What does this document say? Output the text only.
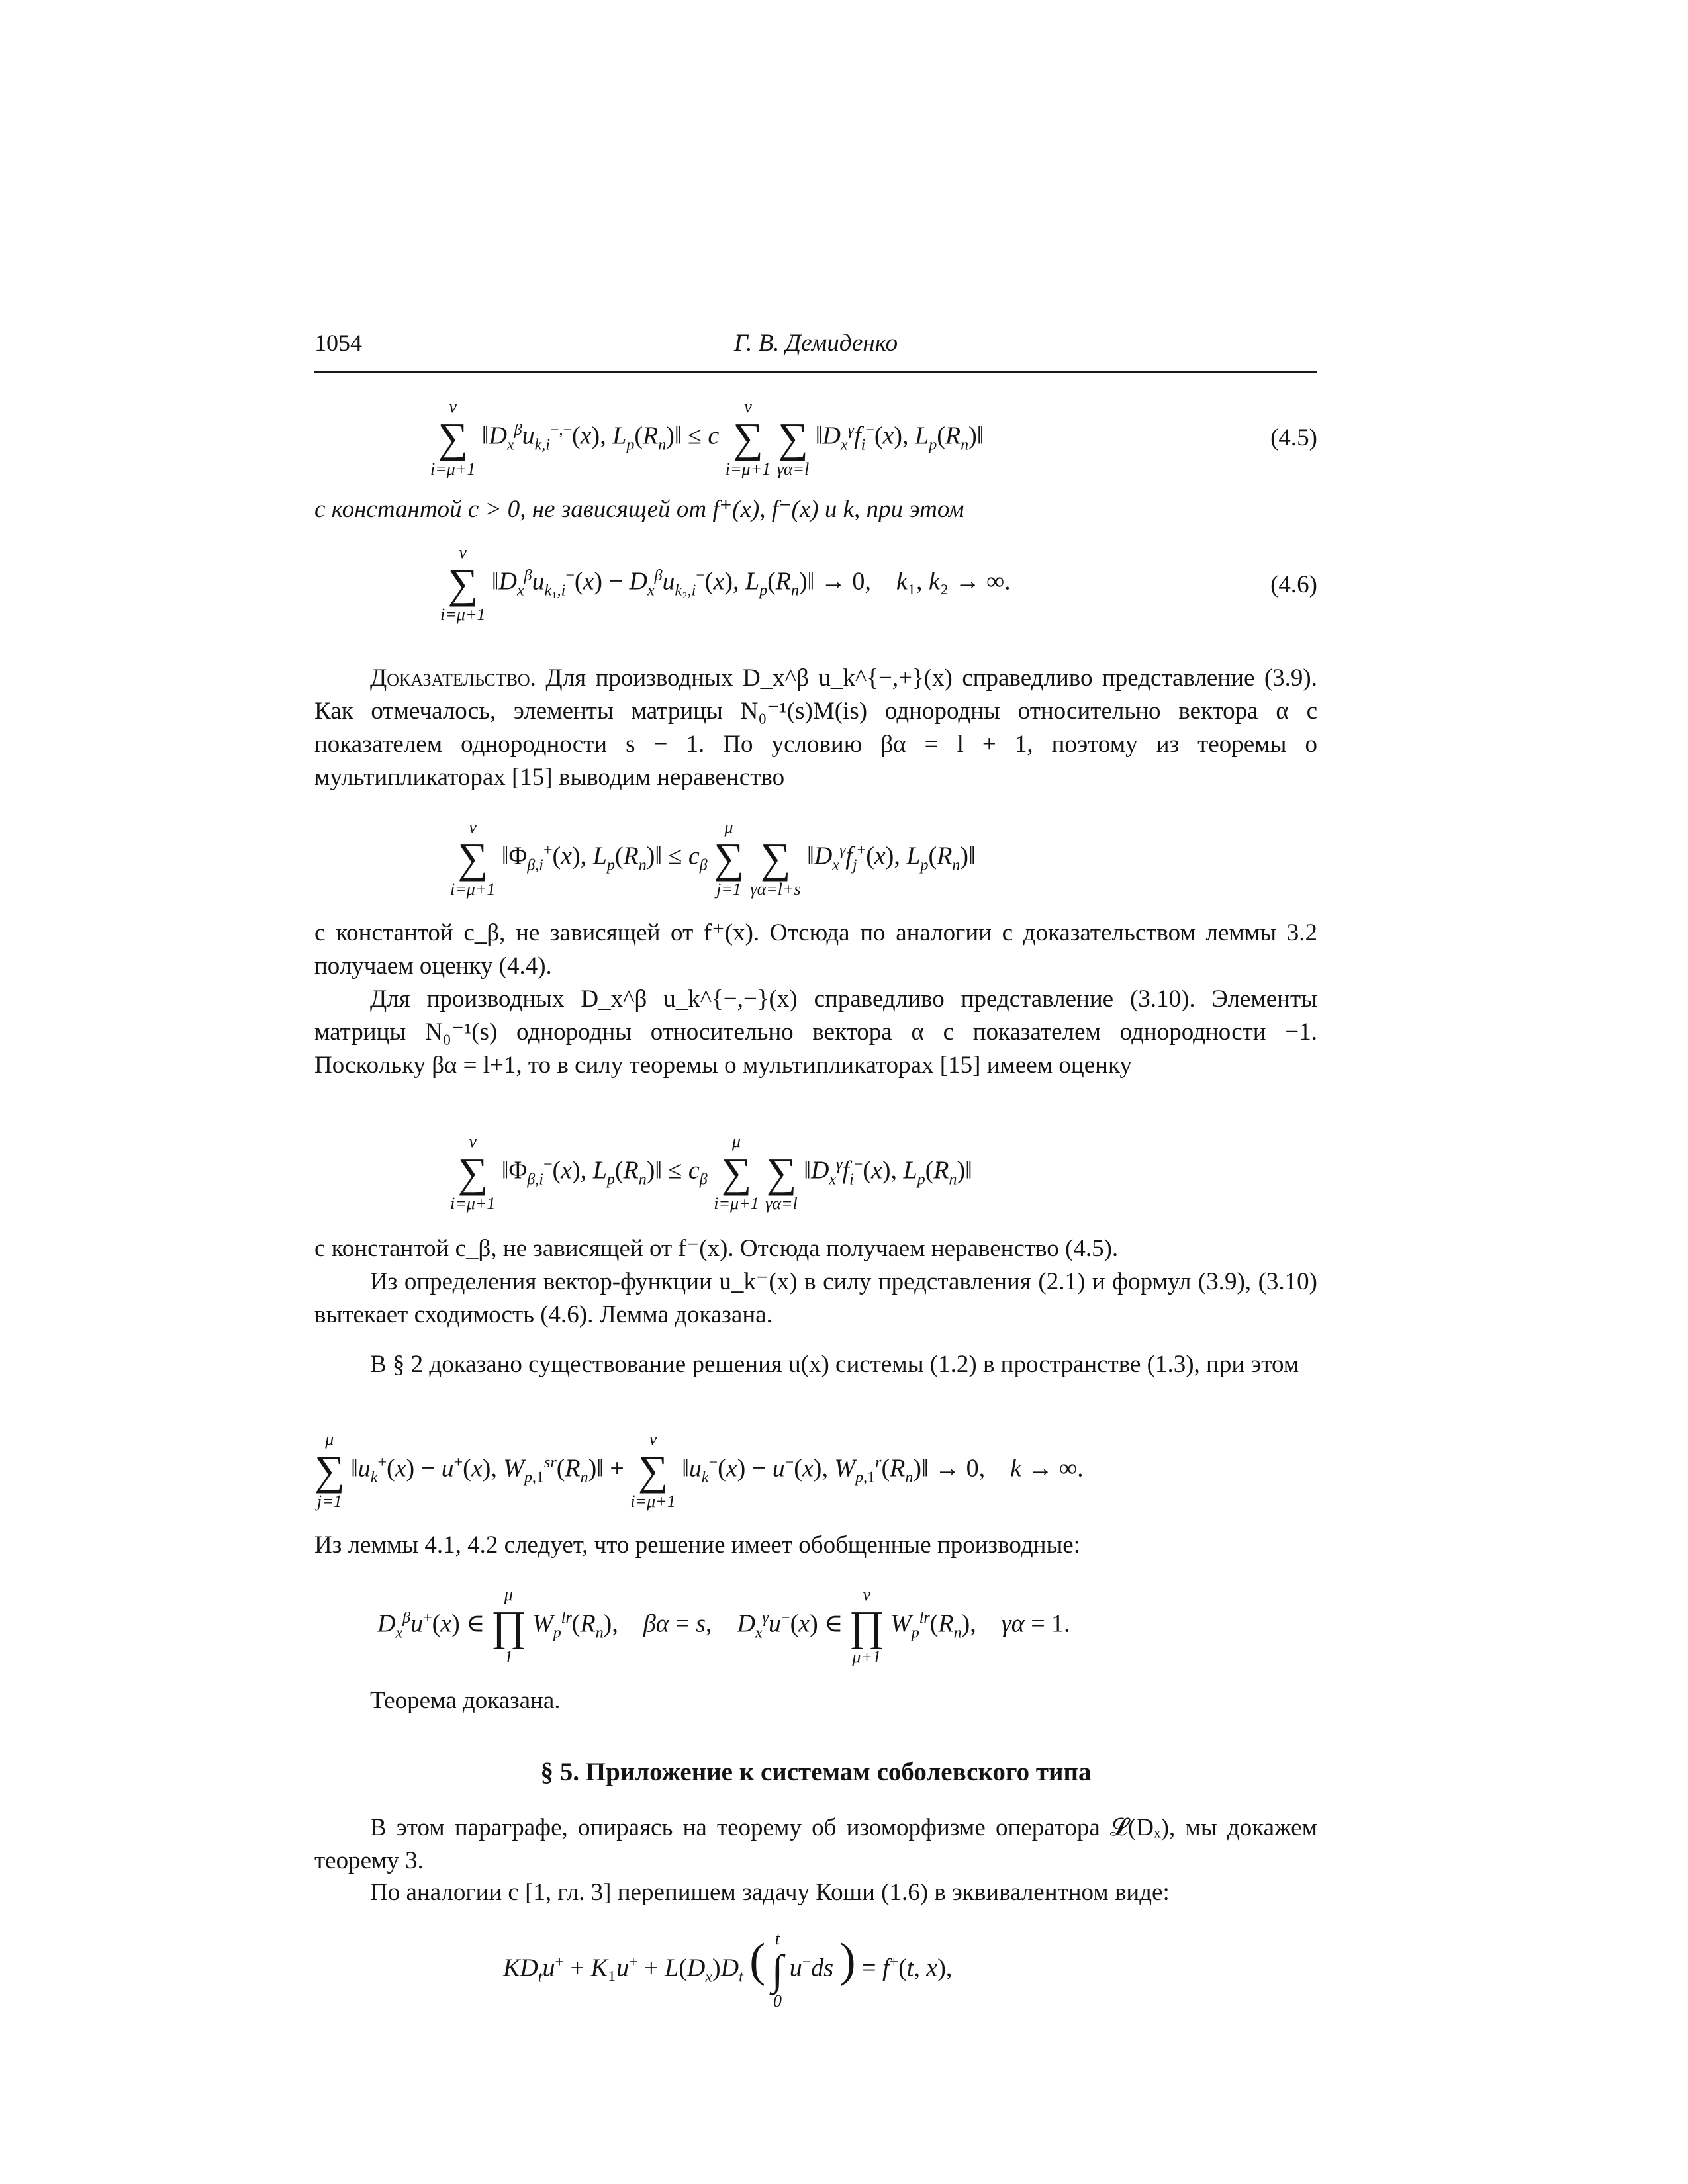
1054	Г. В. Демиденко
ν
∑
i=μ+1
$‖D_x^\beta u_{k,i}^{-,-}(x)$, $L_p(R_n)‖ \le c$
ν
∑
i=μ+1

∑
γα=l
$‖D_x^\gamma f_i^-(x)$, $L_p(R_n)‖$	(4.5)
с константой c > 0, не зависящей от f⁺(x), f⁻(x) и k, при этом
ν
∑
i=μ+1
$‖D_x^\beta u_{k_1,i}^-(x) - D_x^\beta u_{k_2,i}^-(x)$, $L_p(R_n)‖ \to 0$,    k₁, k₂ → ∞.	(4.6)
Доказательство. Для производных D_x^β u_k^{−,+}(x) справедливо представление (3.9). Как отмечалось, элементы матрицы N₀⁻¹(s)M(is) однородны относительно вектора α с показателем однородности s − 1. По условию βα = l + 1, поэтому из теоремы о мультипликаторах [15] выводим неравенство
ν
∑
i=μ+1
$‖\Phi_{\beta,i}^+(x)$, $L_p(R_n)‖ \le c_\beta$
μ
∑
j=1

∑
γα=l+s
$‖D_x^\gamma f_j^+(x)$, $L_p(R_n)‖$
с константой c_β, не зависящей от f⁺(x). Отсюда по аналогии с доказательством леммы 3.2 получаем оценку (4.4).
Для производных D_x^β u_k^{−,−}(x) справедливо представление (3.10). Элементы матрицы N₀⁻¹(s) однородны относительно вектора α с показателем однородности −1. Поскольку βα = l+1, то в силу теоремы о мультипликаторах [15] имеем оценку
ν
∑
i=μ+1
$‖\Phi_{\beta,i}^-(x)$, $L_p(R_n)‖ \le c_\beta$
μ
∑
i=μ+1

∑
γα=l
$‖D_x^\gamma f_i^-(x)$, $L_p(R_n)‖$
с константой c_β, не зависящей от f⁻(x). Отсюда получаем неравенство (4.5).
Из определения вектор-функции u_k⁻(x) в силу представления (2.1) и формул (3.9), (3.10) вытекает сходимость (4.6). Лемма доказана.
В § 2 доказано существование решения u(x) системы (1.2) в пространстве (1.3), при этом
μ
∑
j=1
$‖u_k^+(x) - u^+(x)$, $W_{p,1}^{sr}(R_n)‖$ +
ν
∑
i=μ+1
$‖u_k^-(x) - u^-(x)$, $W_{p,1}^r(R_n)‖ \to 0$,    k → ∞.
Из леммы 4.1, 4.2 следует, что решение имеет обобщенные производные:
$D_x^\beta u^+(x)$ ∈
μ
∏
1
$W_p^{lr}(R_n)$,    βα = s,    $D_x^\gamma u^-(x)$ ∈
ν
∏
μ+1
$W_p^{lr}(R_n)$,    γα = 1.
Теорема доказана.
§ 5. Приложение к системам соболевского типа
В этом параграфе, опираясь на теорему об изоморфизме оператора 𝓛(Dₓ), мы докажем теорему 3.
По аналогии с [1, гл. 3] перепишем задачу Коши (1.6) в эквивалентном виде:
$KD_tu^+ + K_1u^+ + L(D_x)D_t$ ( t
∫
0
u−ds ) = f+(t, x),
